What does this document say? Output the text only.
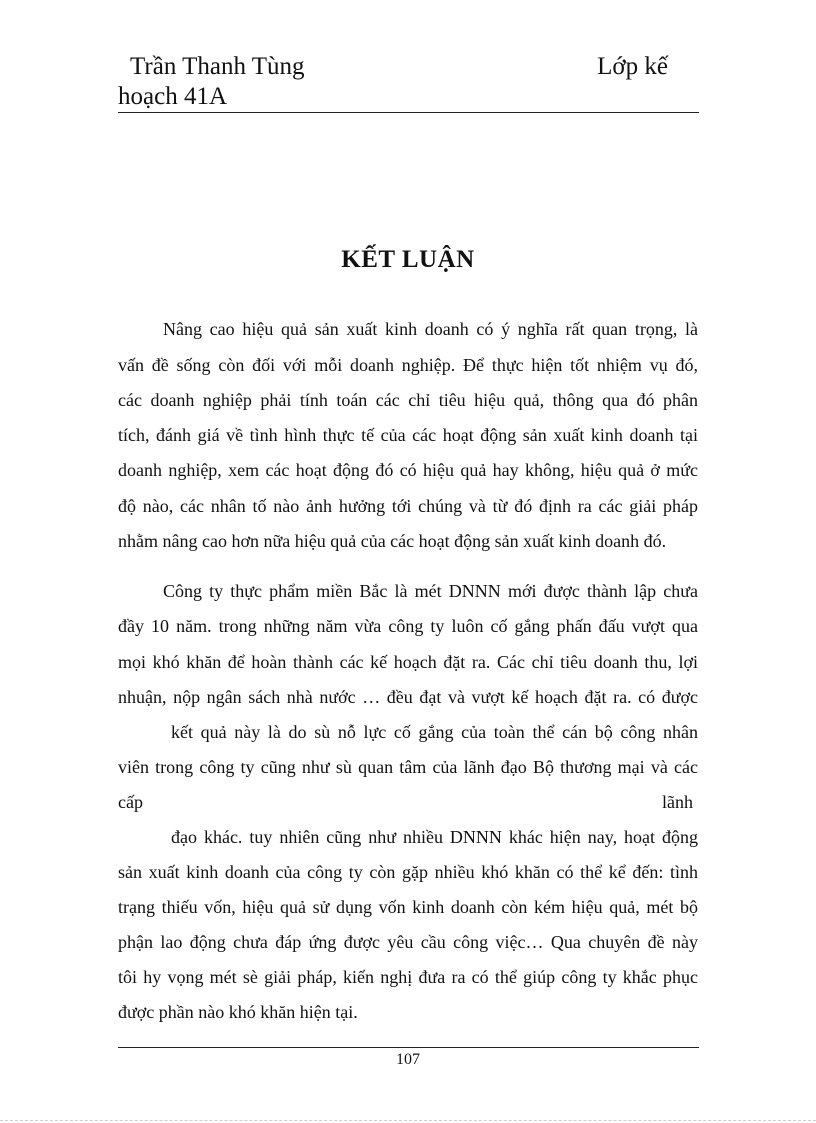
Trần Thanh Tùng	Lớp kế
hoạch 41A
KẾT LUẬN
Nâng cao hiệu quả sản xuất kinh doanh có ý nghĩa rất quan trọng, là
vấn đề sống còn đối với mỗi doanh nghiệp. Để thực hiện tốt nhiệm vụ đó,
các doanh nghiệp phải tính toán các chỉ tiêu hiệu quả, thông qua đó phân
tích, đánh giá về tình hình thực tế của các hoạt động sản xuất kinh doanh tại
doanh nghiệp, xem các hoạt động đó có hiệu quả hay không, hiệu quả ở mức
độ nào, các nhân tố nào ảnh hưởng tới chúng và từ đó định ra các giải pháp
nhằm nâng cao hơn nữa hiệu quả của các hoạt động sản xuất kinh doanh đó.
Công ty thực phẩm miền Bắc là mét DNNN mới được thành lập chưa
đầy 10 năm. trong những năm vừa công ty luôn cố gắng phấn đấu vượt qua
mọi khó khăn để hoàn thành các kế hoạch đặt ra. Các chỉ tiêu doanh thu, lợi
nhuận, nộp ngân sách nhà nước … đều đạt và vượt kế hoạch đặt ra. có được
kết quả này là do sù nỗ lực cố gắng của toàn thể cán bộ công nhân
viên trong công ty cũng như sù quan tâm của lãnh đạo Bộ thương mại và các
cấp	lãnh
đạo khác. tuy nhiên cũng như nhiều DNNN khác hiện nay, hoạt động
sản xuất kinh doanh của công ty còn gặp nhiều khó khăn có thể kể đến: tình
trạng thiếu vốn, hiệu quả sử dụng vốn kinh doanh còn kém hiệu quả, mét bộ
phận lao động chưa đáp ứng được yêu cầu công việc… Qua chuyên đề này
tôi hy vọng mét sè giải pháp, kiến nghị đưa ra có thể giúp công ty khắc phục
được phần nào khó khăn hiện tại.
107
